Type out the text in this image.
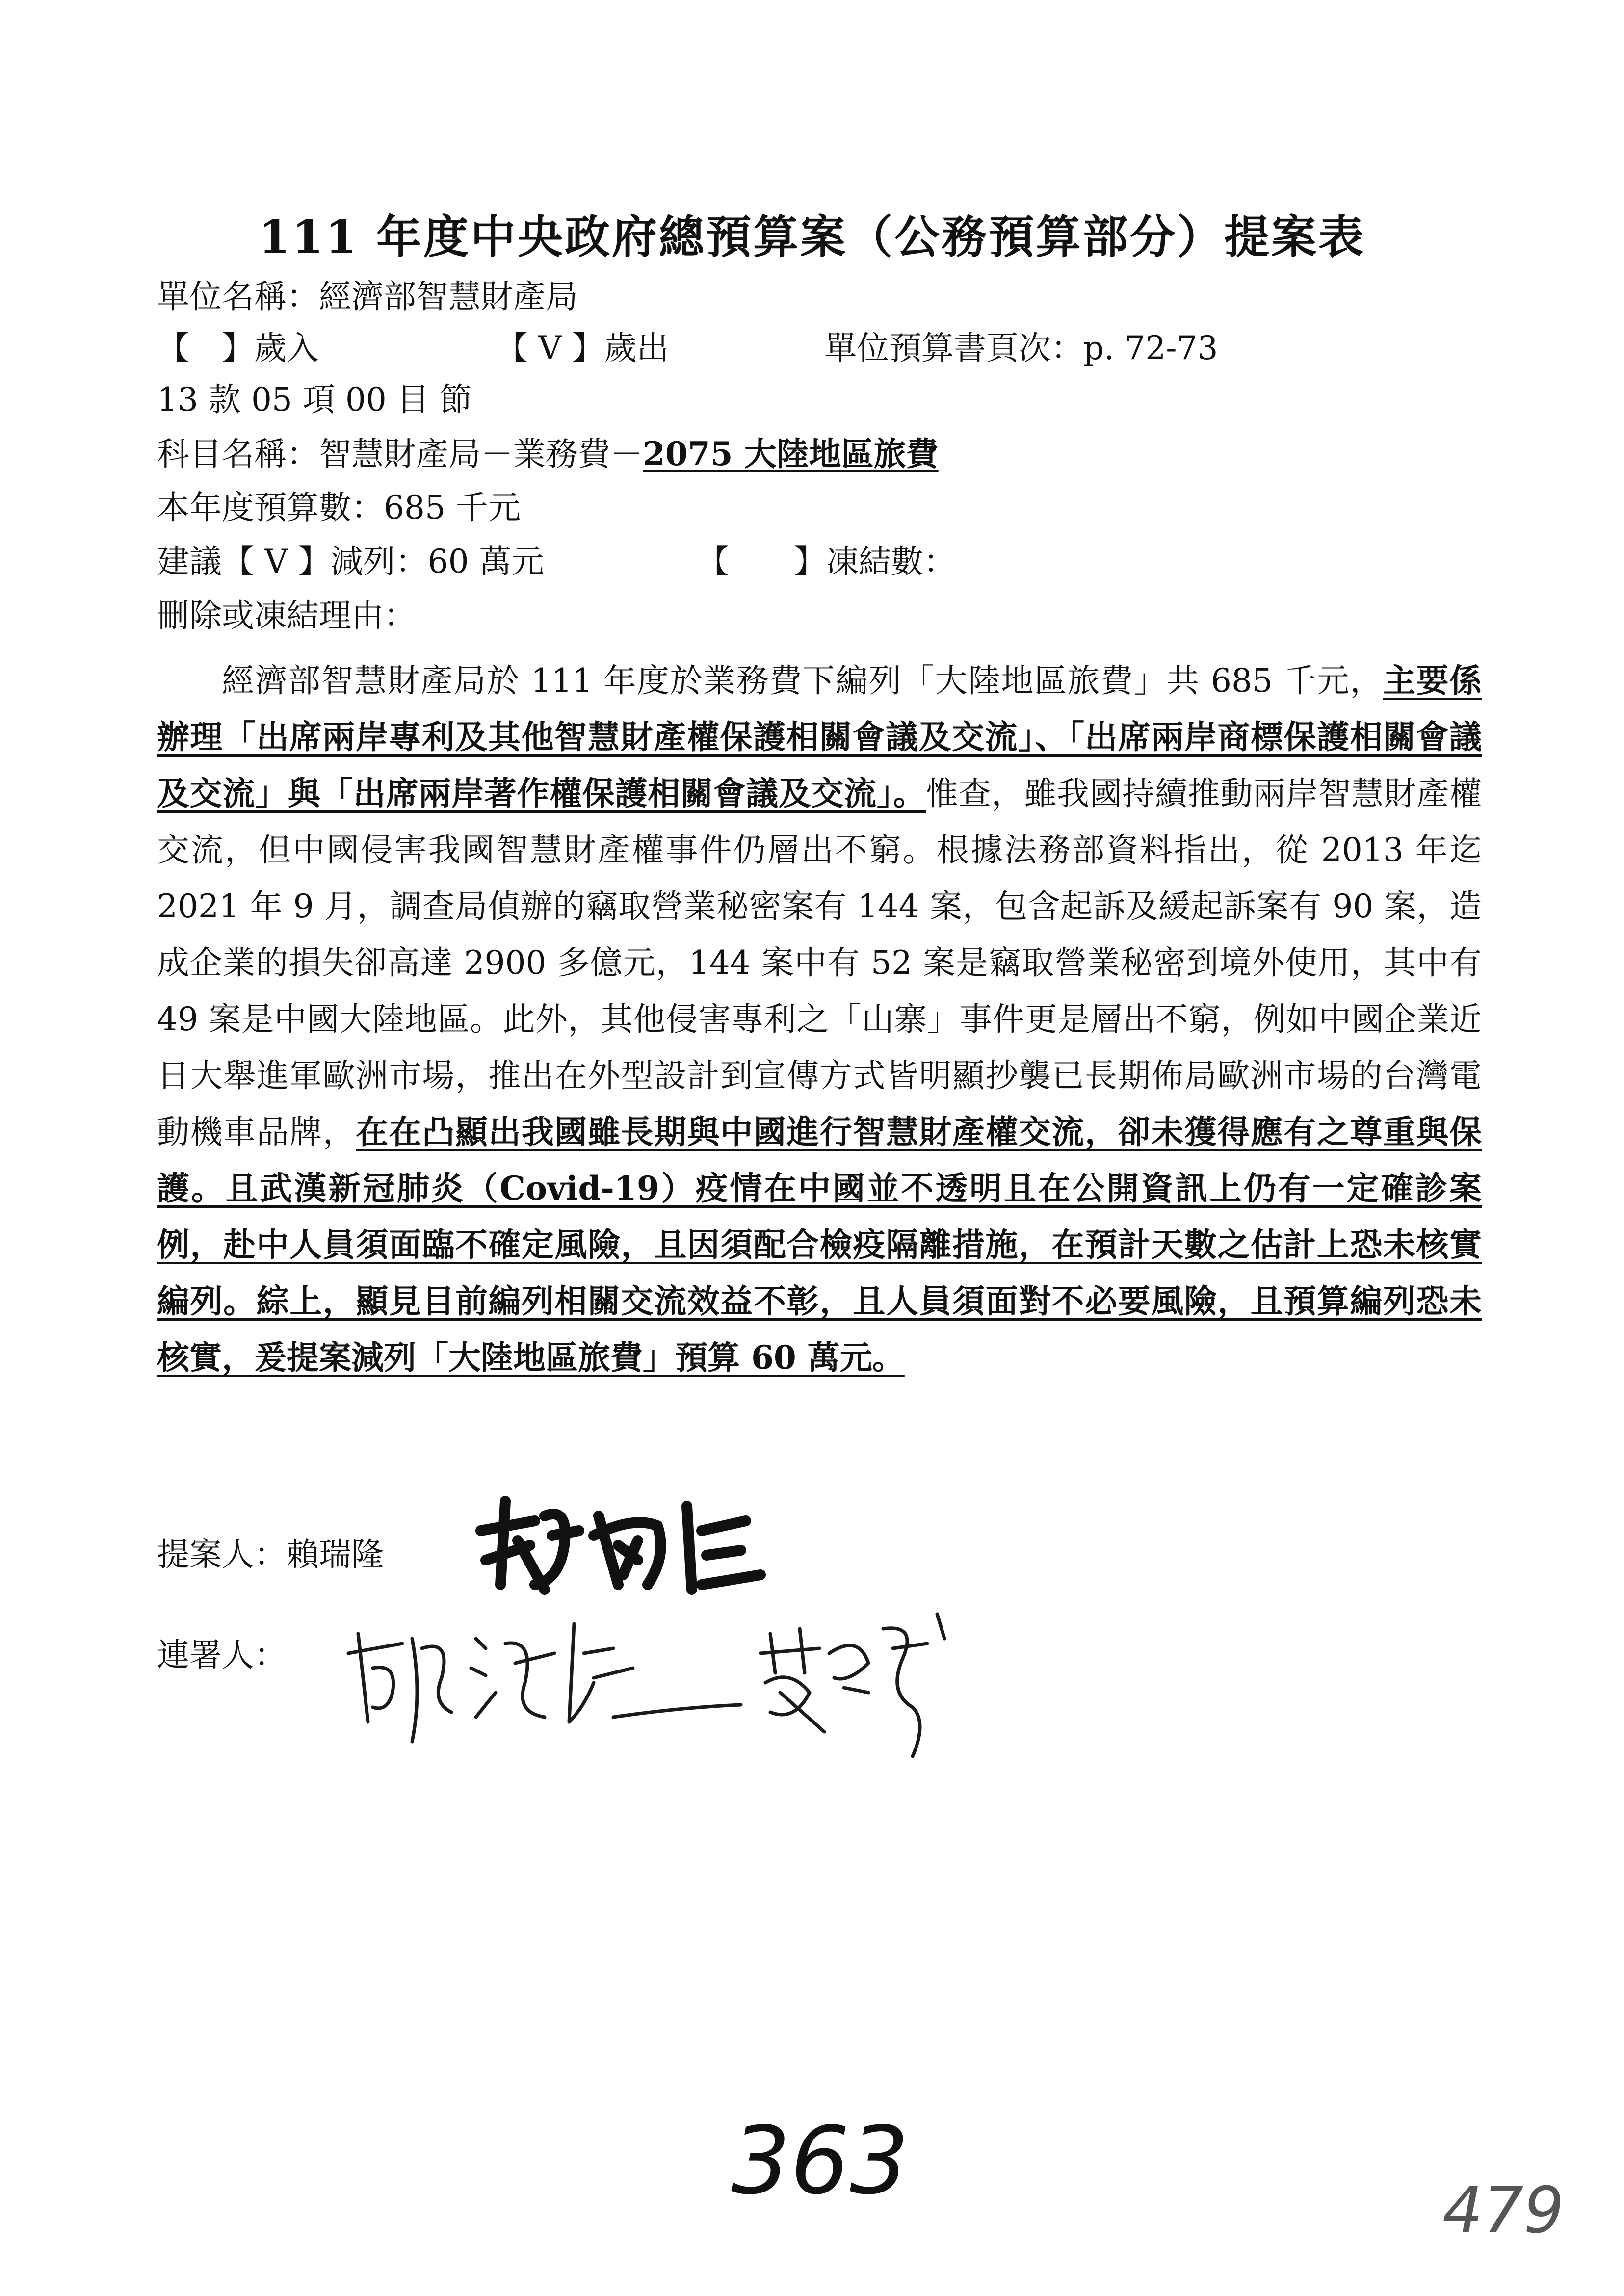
111 年度中央政府總預算案（公務預算部分）提案表
單位名稱：經濟部智慧財產局
【　】歲入	【 V 】歲出	單位預算書頁次：p. 72-73
13 款 05 項 00 目 節
科目名稱：智慧財產局－業務費－2075 大陸地區旅費
本年度預算數：685 千元
建議【 V 】減列：60 萬元	【　　】凍結數：
刪除或凍結理由：
經濟部智慧財產局於 111 年度於業務費下編列「大陸地區旅費」共 685 千元，主要係辦理「出席兩岸專利及其他智慧財產權保護相關會議及交流」、「出席兩岸商標保護相關會議及交流」與「出席兩岸著作權保護相關會議及交流」。惟查，雖我國持續推動兩岸智慧財產權交流，但中國侵害我國智慧財產權事件仍層出不窮。根據法務部資料指出，從 2013 年迄 2021 年 9 月，調查局偵辦的竊取營業秘密案有 144 案，包含起訴及緩起訴案有 90 案，造成企業的損失卻高達 2900 多億元，144 案中有 52 案是竊取營業秘密到境外使用，其中有 49 案是中國大陸地區。此外，其他侵害專利之「山寨」事件更是層出不窮，例如中國企業近日大舉進軍歐洲市場，推出在外型設計到宣傳方式皆明顯抄襲已長期佈局歐洲市場的台灣電動機車品牌，在在凸顯出我國雖長期與中國進行智慧財產權交流，卻未獲得應有之尊重與保護。且武漢新冠肺炎（Covid-19）疫情在中國並不透明且在公開資訊上仍有一定確診案例，赴中人員須面臨不確定風險，且因須配合檢疫隔離措施，在預計天數之估計上恐未核實編列。綜上，顯見目前編列相關交流效益不彰，且人員須面對不必要風險，且預算編列恐未核實，爰提案減列「大陸地區旅費」預算 60 萬元。
提案人：賴瑞隆
連署人：
363	479
